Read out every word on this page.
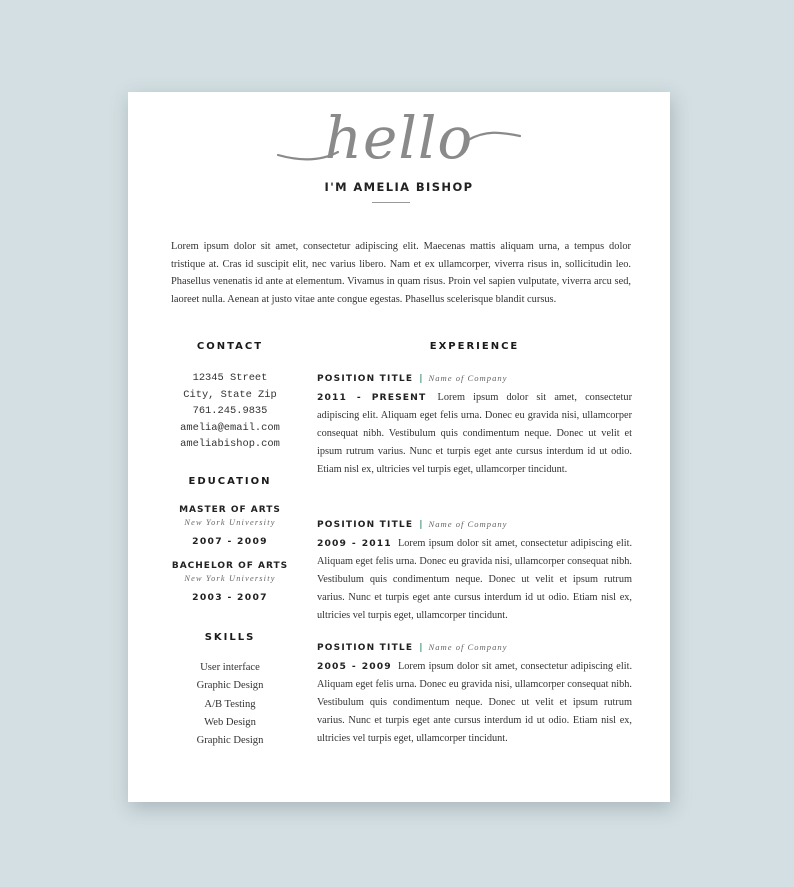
hello
I'M AMELIA BISHOP
Lorem ipsum dolor sit amet, consectetur adipiscing elit. Maecenas mattis aliquam urna, a tempus dolor tristique at. Cras id suscipit elit, nec varius libero. Nam et ex ullamcorper, viverra risus in, sollicitudin leo. Phasellus venenatis id ante at elementum. Vivamus in quam risus. Proin vel sapien vulputate, viverra arcu sed, laoreet nulla. Aenean at justo vitae ante congue egestas. Phasellus scelerisque blandit cursus.
CONTACT
12345 Street
City, State Zip
761.245.9835
amelia@email.com
ameliabishop.com
EDUCATION
MASTER OF ARTS
New York University
2007 - 2009
BACHELOR OF ARTS
New York University
2003 - 2007
SKILLS
User interface
Graphic Design
A/B Testing
Web Design
Graphic Design
EXPERIENCE
POSITION TITLE | Name of Company
2011 - PRESENT Lorem ipsum dolor sit amet, consectetur adipiscing elit. Aliquam eget felis urna. Donec eu gravida nisi, ullamcorper consequat nibh. Vestibulum quis condimentum neque. Donec ut velit et ipsum rutrum varius. Nunc et turpis eget ante cursus interdum id ut odio. Etiam nisl ex, ultricies vel turpis eget, ullamcorper tincidunt.
POSITION TITLE | Name of Company
2009 - 2011 Lorem ipsum dolor sit amet, consectetur adipiscing elit. Aliquam eget felis urna. Donec eu gravida nisi, ullamcorper consequat nibh. Vestibulum quis condimentum neque. Donec ut velit et ipsum rutrum varius. Nunc et turpis eget ante cursus interdum id ut odio. Etiam nisl ex, ultricies vel turpis eget, ullamcorper tincidunt.
POSITION TITLE | Name of Company
2005 - 2009 Lorem ipsum dolor sit amet, consectetur adipiscing elit. Aliquam eget felis urna. Donec eu gravida nisi, ullamcorper consequat nibh. Vestibulum quis condimentum neque. Donec ut velit et ipsum rutrum varius. Nunc et turpis eget ante cursus interdum id ut odio. Etiam nisl ex, ultricies vel turpis eget, ullamcorper tincidunt.
